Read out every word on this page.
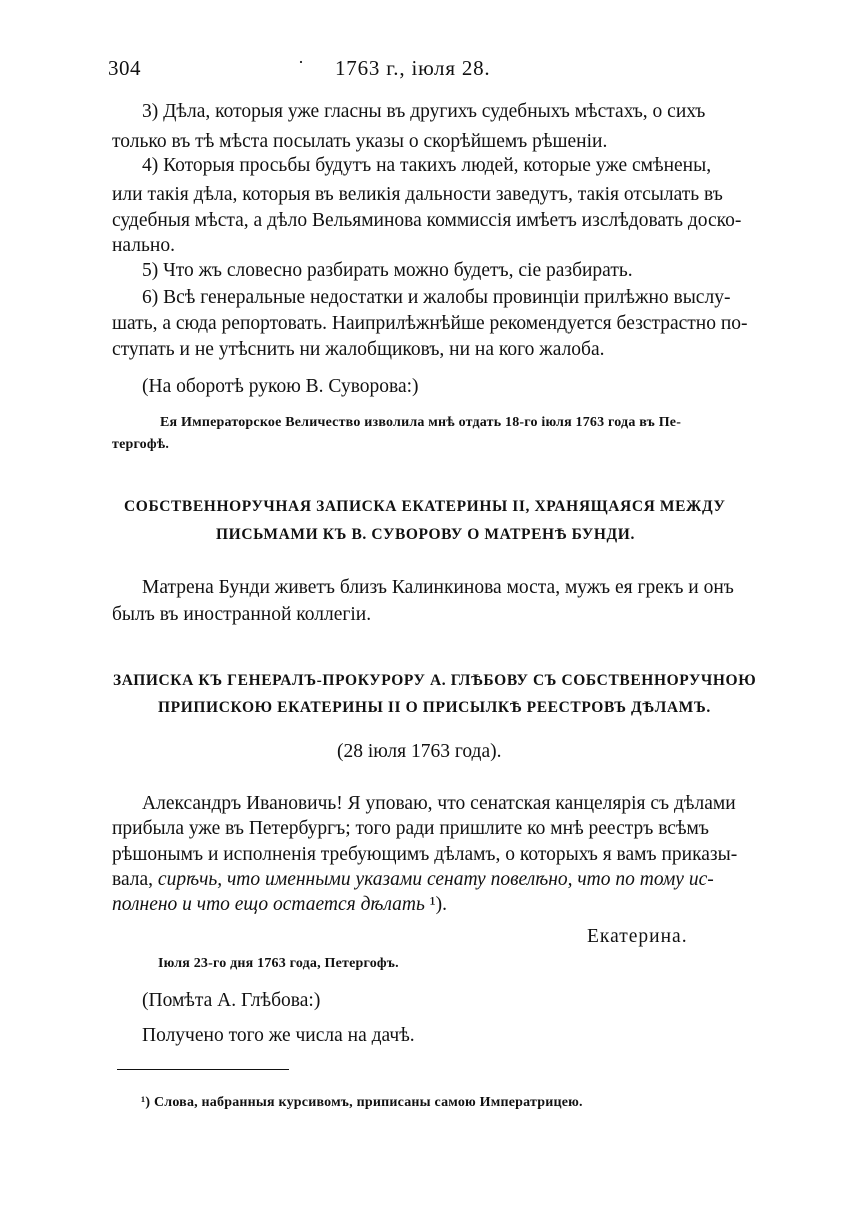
304	· 1763 г., іюля 28.
3) Дѣла, которыя уже гласны въ другихъ судебныхъ мѣстахъ, о сихъ
только въ тѣ мѣста посылать указы о скорѣйшемъ рѣшеніи.
4) Которыя просьбы будутъ на такихъ людей, которые уже смѣнены,
или такія дѣла, которыя въ великія дальности заведутъ, такія отсылать въ
судебныя мѣста, а дѣло Вельяминова коммиссія имѣетъ изслѣдовать доско-
нально.
5) Что жъ словесно разбирать можно будетъ, сіе разбирать.
6) Всѣ генеральные недостатки и жалобы провинціи прилѣжно выслу-
шать, а сюда репортовать. Наиприлѣжнѣйше рекомендуется безстрастно по-
ступать и не утѣснить ни жалобщиковъ, ни на кого жалоба.
(На оборотѣ рукою В. Суворова:)
Ея Императорское Величество изволила мнѣ отдать 18-го іюля 1763 года въ Пе-
тергофѣ.
СОБСТВЕННОРУЧНАЯ ЗАПИСКА ЕКАТЕРИНЫ II, ХРАНЯЩАЯСЯ МЕЖДУ
ПИСЬМАМИ КЪ В. СУВОРОВУ О МАТРЕНѢ БУНДИ.
Матрена Бунди живетъ близъ Калинкинова моста, мужъ ея грекъ и онъ
былъ въ иностранной коллегіи.
ЗАПИСКА КЪ ГЕНЕРАЛЪ-ПРОКУРОРУ А. ГЛѢБОВУ СЪ СОБСТВЕННОРУЧНОЮ
ПРИПИСКОЮ ЕКАТЕРИНЫ II О ПРИСЫЛКѢ РЕЕСТРОВЪ ДѢЛАМЪ.
(28 іюля 1763 года).
Александръ Ивановичь! Я уповаю, что сенатская канцелярія съ дѣлами
прибыла уже въ Петербургъ; того ради пришлите ко мнѣ реестръ всѣмъ
рѣшонымъ и исполненія требующимъ дѣламъ, о которыхъ я вамъ приказы-
вала, сирѣчь, что именными указами сенату повелѣно, что по тому ис-
полнено и что ещо остается дѣлать ¹).
Екатерина.
Іюля 23-го дня 1763 года, Петергофъ.
(Помѣта А. Глѣбова:)
Получено того же числа на дачѣ.
¹) Слова, набранныя курсивомъ, приписаны самою Императрицею.
